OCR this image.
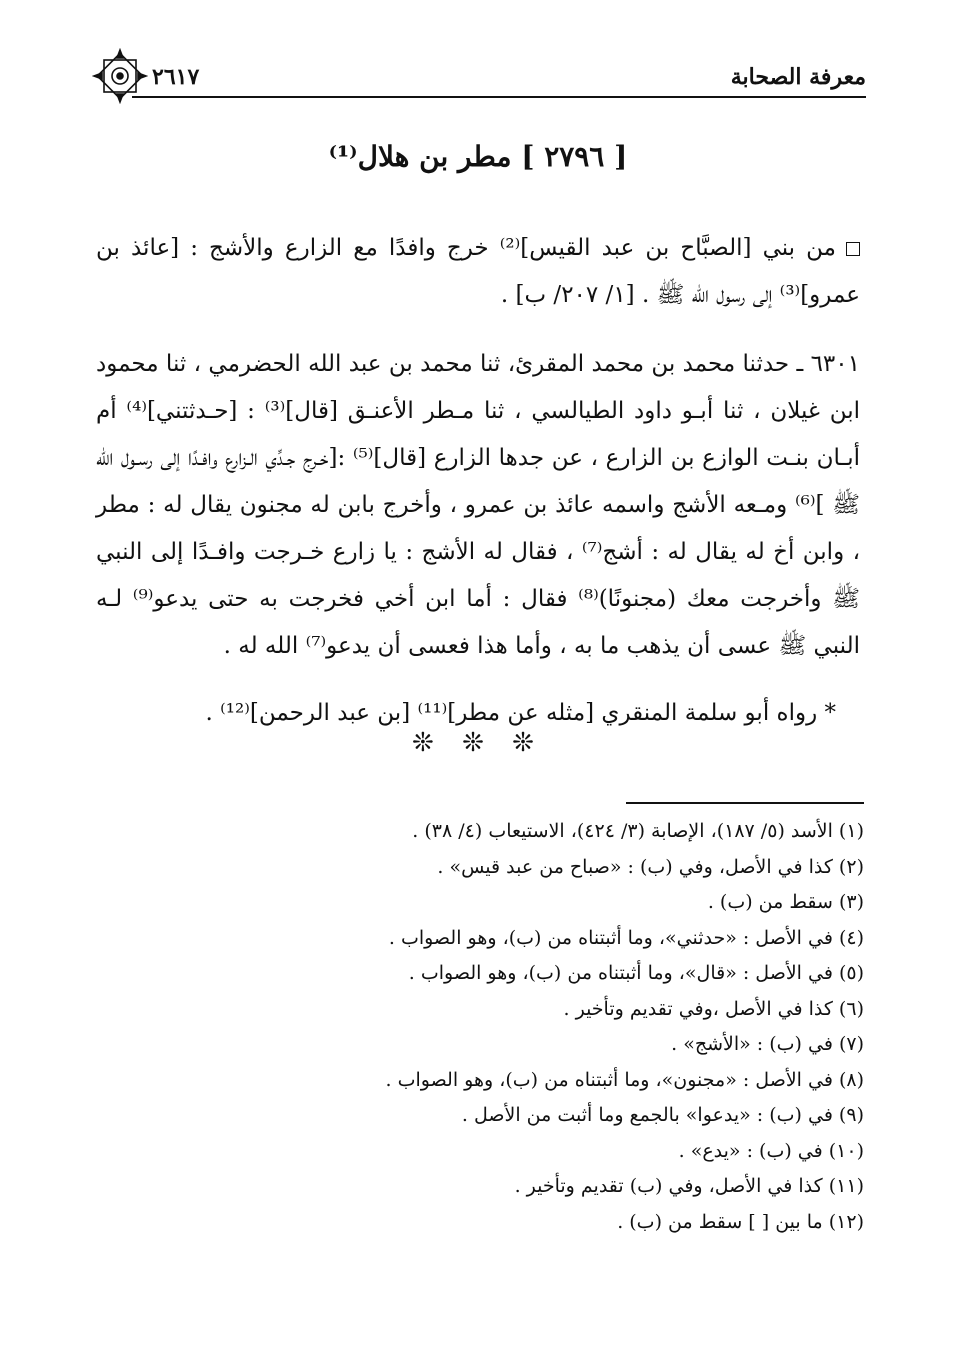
معرفة الصحابة
٢٦١٧
[ ٢٧٩٦ ] مطر بن هلال⁽¹⁾

من بني [الصبَّاح بن عبد القيس]⁽²⁾ خرج وافدًا مع الزارع والأشج : [عائذ بن عمرو]⁽³⁾ إلى رسول الله ﷺ . [١/ ٢٠٧/ ب] .

٦٣٠١ ـ حدثنا محمد بن محمد المقرئ، ثنا محمد بن عبد الله الحضرمي ، ثنا محمود ابن غيلان ، ثنا أبـو داود الطيالسي ، ثنا مـطر الأعنـق [قال]⁽³⁾ : [حـدثتني]⁽⁴⁾ أم أبـان بنـت الوازع بن الزارع ، عن جدها الزارع [قال]⁽⁵⁾ :[خـرج جـدِّي الـزارع وافـدًا إلى رسـول الله ﷺ ]⁽⁶⁾ ومـعه الأشج واسمه عائذ بن عمرو ، وأخرج بابن له مجنون يقال له : مطر ، وابن أخ له يقال له : أشج⁽⁷⁾ ، فقال له الأشج : يا زارع خـرجت وافـدًا إلى النبي ﷺ وأخرجت معك (مجنونًا)⁽⁸⁾ فقال : أما ابن أخي فخرجت به حتى يدعو⁽⁹⁾ لـه النبي ﷺ عسى أن يذهب ما به ، وأما هذا فعسى أن يدعو⁽⁷⁾ الله له .

* رواه أبو سلمة المنقري [مثله عن مطر]⁽¹¹⁾ [بن عبد الرحمن]⁽¹²⁾ .

❊ ❊ ❊
(١) الأسد (٥/ ١٨٧)، الإصابة (٣/ ٤٢٤)، الاستيعاب (٤/ ٣٨) .
(٢) كذا في الأصل، وفي (ب) : «صباح من عبد قيس» .
(٣) سقط من (ب) .
(٤) في الأصل : «حدثني»، وما أثبتناه من (ب)، وهو الصواب .
(٥) في الأصل : «قال»، وما أثبتناه من (ب)، وهو الصواب .
(٦) كذا في الأصل ،وفي تقديم وتأخير .
(٧) في (ب) : «الأشج» .
(٨) في الأصل : «مجنون»، وما أثبتناه من (ب)، وهو الصواب .
(٩) في (ب) : «يدعوا» بالجمع وما أثبت من الأصل .
(١٠) في (ب) : «يدع» .
(١١) كذا في الأصل، وفي (ب) تقديم وتأخير .
(١٢) ما بين [ ] سقط من (ب) .
